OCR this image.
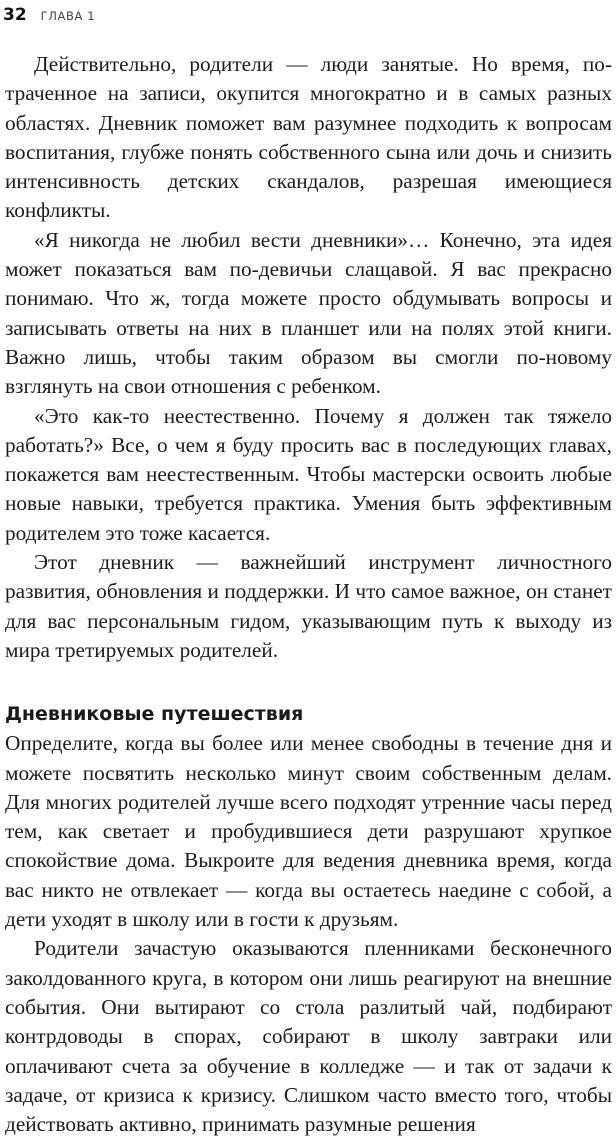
32 ГЛАВА 1

Действительно, родители — люди занятые. Но время, потраченное на записи, окупится многократно и в самых разных областях. Дневник поможет вам разумнее подходить к вопросам воспитания, глубже понять собственного сына или дочь и снизить интенсивность детских скандалов, разрешая имеющиеся конфликты.

«Я никогда не любил вести дневники»… Конечно, эта идея может показаться вам по-девичьи слащавой. Я вас прекрасно понимаю. Что ж, тогда можете просто обдумывать вопросы и записывать ответы на них в планшет или на полях этой книги. Важно лишь, чтобы таким образом вы смогли по-новому взглянуть на свои отношения с ребенком.

«Это как-то неестественно. Почему я должен так тяжело работать?» Все, о чем я буду просить вас в последующих главах, покажется вам неестественным. Чтобы мастерски освоить любые новые навыки, требуется практика. Умения быть эффективным родителем это тоже касается.

Этот дневник — важнейший инструмент личностного развития, обновления и поддержки. И что самое важное, он станет для вас персональным гидом, указывающим путь к выходу из мира третируемых родителей.

Дневниковые путешествия

Определите, когда вы более или менее свободны в течение дня и можете посвятить несколько минут своим собственным делам. Для многих родителей лучше всего подходят утренние часы перед тем, как светает и пробудившиеся дети разрушают хрупкое спокойствие дома. Выкроите для ведения дневника время, когда вас никто не отвлекает — когда вы остаетесь наедине с собой, а дети уходят в школу или в гости к друзьям.

Родители зачастую оказываются пленниками бесконечного заколдованного круга, в котором они лишь реагируют на внешние события. Они вытирают со стола разлитый чай, подбирают контрдоводы в спорах, собирают в школу завтраки или оплачивают счета за обучение в колледже — и так от задачи к задаче, от кризиса к кризису. Слишком часто вместо того, чтобы действовать активно, принимать разумные решения
